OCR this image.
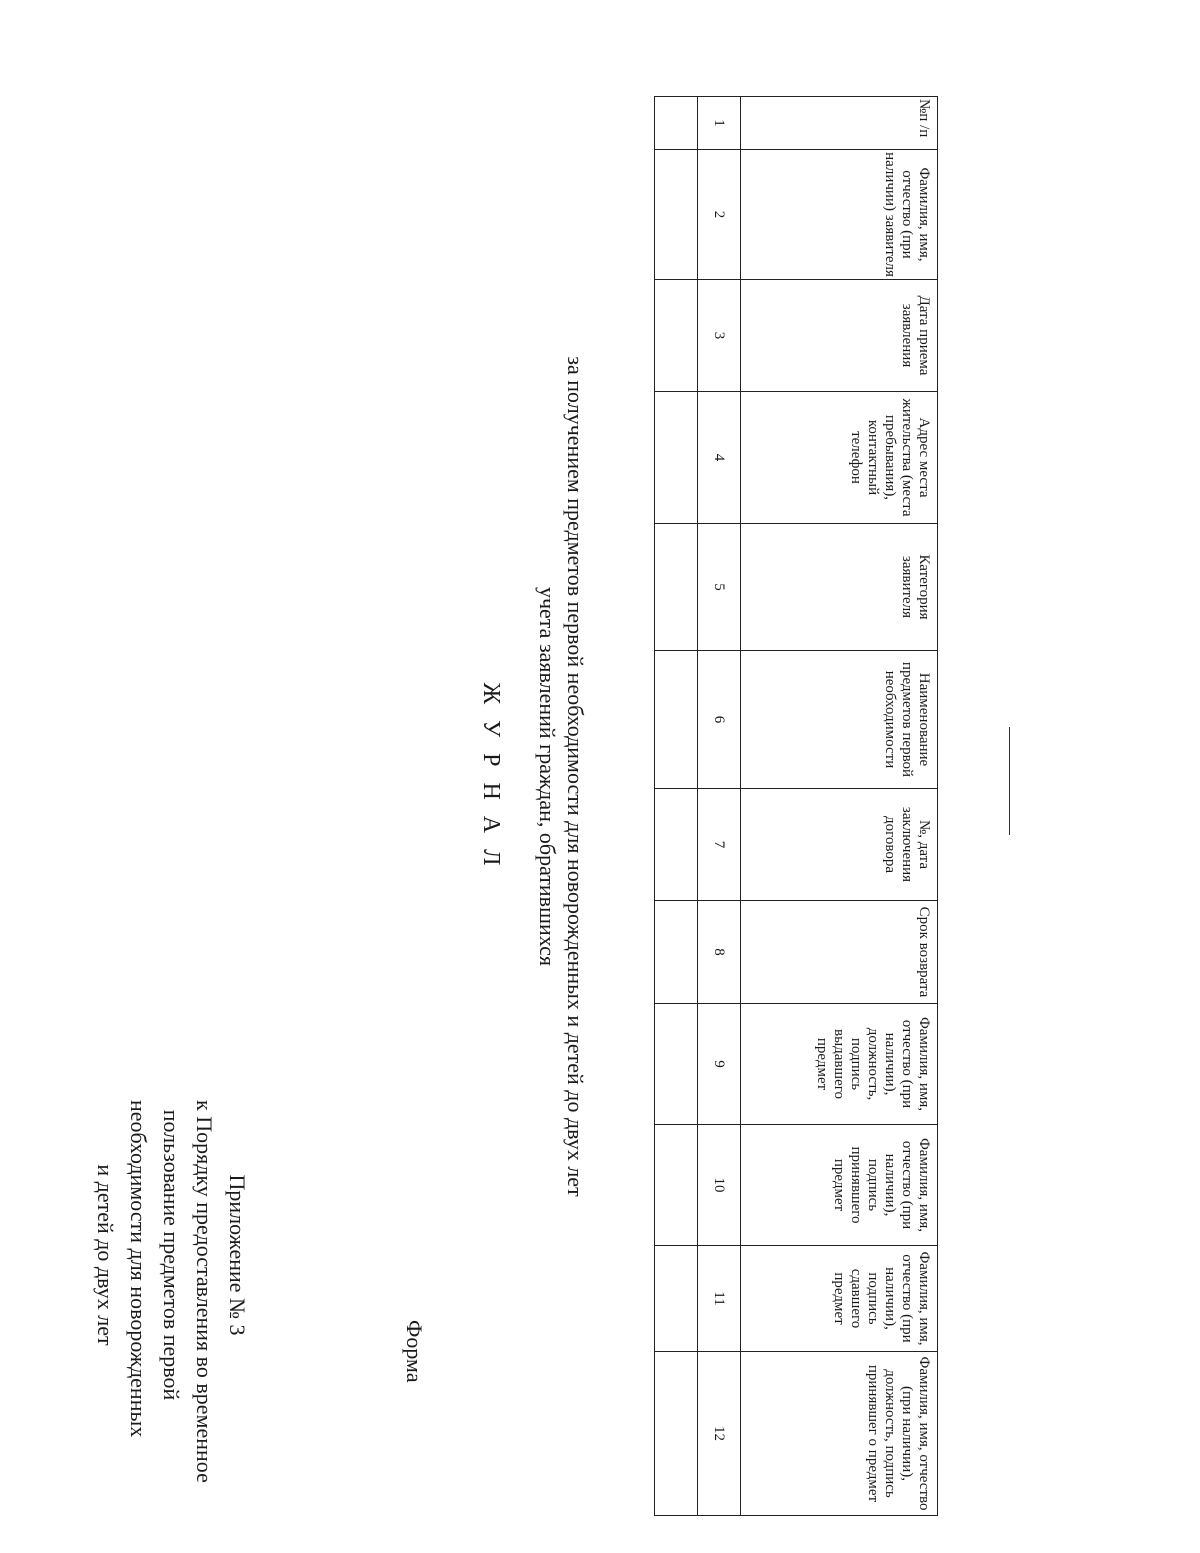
Приложение № 3
к Порядку предоставления во временное
пользование предметов первой
необходимости для новорожденных
и детей до двух лет
Форма
Ж У Р Н А Л учета заявлений граждан, обратившихся за получением предметов первой необходимости для новорожденных и детей до двух лет
№п /п	Фамилия, имя, отчество (при наличии) заявителя	Дата приема заявления	Адрес места жительства (места пребывания), контактный телефон	Категория заявителя	Наименование предметов первой необходимости	№, дата заключения договора	Срок возврата	Фамилия, имя, отчество (при наличии), должность, подпись выдавшего предмет	Фамилия, имя, отчество (при наличии), подпись принявшего предмет	Фамилия, имя, отчество (при наличии), подпись сдавшего предмет	Фамилия, имя, отчество (при наличии), должность, подпись принявшег о предмет

1	2	3	4	5	6	7	8	9	10	11	12
